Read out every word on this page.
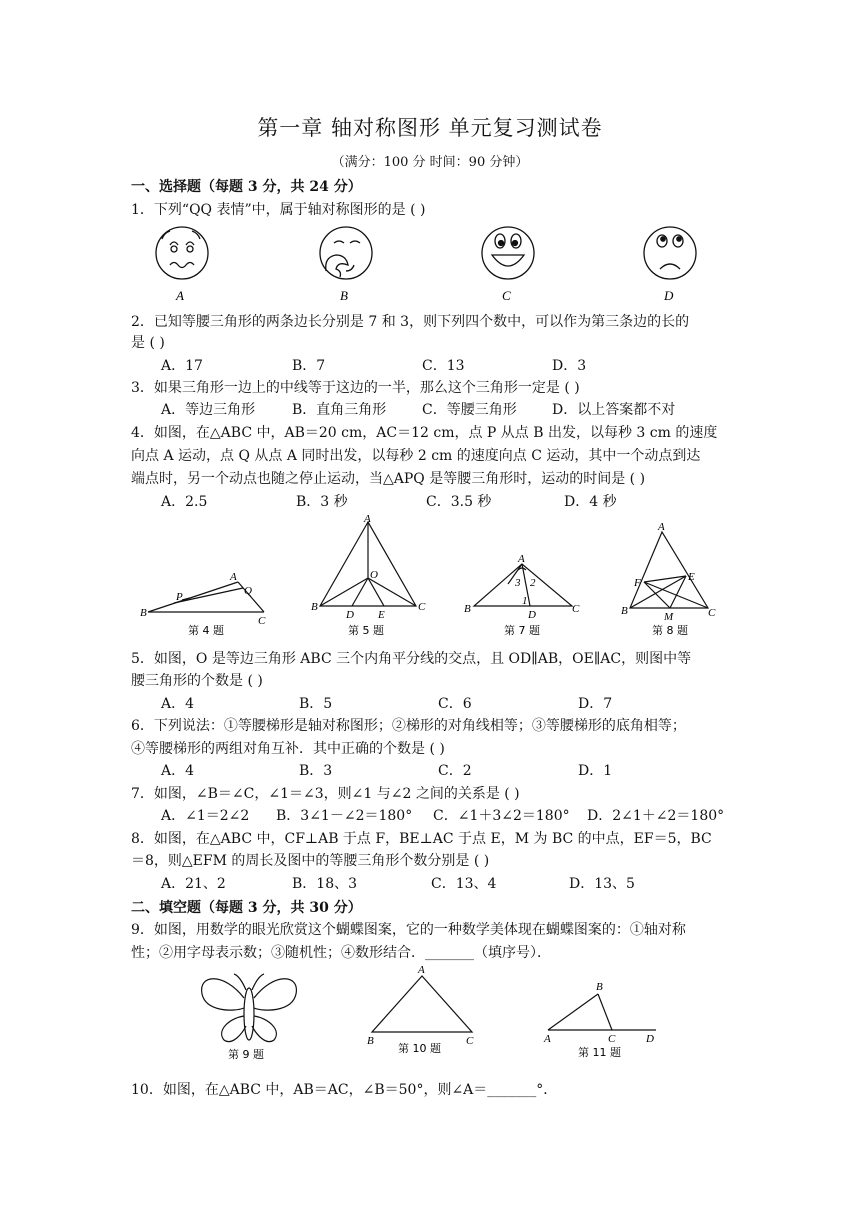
第一章 轴对称图形 单元复习测试卷
（满分：100 分 时间：90 分钟）
一、选择题（每题 3 分，共 24 分）
1．下列“QQ 表情”中，属于轴对称图形的是 ( )
A	B	C	D
2．已知等腰三角形的两条边长分别是 7 和 3，则下列四个数中，可以作为第三条边的长的
是 ( )
A．17	B．7	C．13	D．3
3．如果三角形一边上的中线等于这边的一半，那么这个三角形一定是 ( )
A．等边三角形	B．直角三角形	C．等腰三角形	D．以上答案都不对
4．如图，在△ABC 中，AB＝20 cm，AC＝12 cm，点 P 从点 B 出发，以每秒 3 cm 的速度
向点 A 运动，点 Q 从点 A 同时出发，以每秒 2 cm 的速度向点 C 运动，其中一个动点到达
端点时，另一个动点也随之停止运动，当△APQ 是等腰三角形时，运动的时间是 ( )
A．2.5	B．3 秒	C．3.5 秒	D．4 秒
B
P
A
Q
C
第 4 题
A
O
B
D E
C
第 5 题
A
3 2
1
B	D	C
第 7 题
A
F	E
B	M	C
第 8 题
5．如图，O 是等边三角形 ABC 三个内角平分线的交点，且 OD∥AB，OE∥AC，则图中等
腰三角形的个数是 ( )
A．4	B．5	C．6	D．7
6．下列说法：①等腰梯形是轴对称图形；②梯形的对角线相等；③等腰梯形的底角相等；
④等腰梯形的两组对角互补．其中正确的个数是 ( )
A．4	B．3	C．2	D．1
7．如图，∠B＝∠C，∠1＝∠3，则∠1 与∠2 之间的关系是 ( )
A．∠1＝2∠2 B．3∠1－∠2＝180° C．∠1＋3∠2＝180° D．2∠1＋∠2＝180°
8．如图，在△ABC 中，CF⊥AB 于点 F，BE⊥AC 于点 E，M 为 BC 的中点，EF＝5，BC
＝8，则△EFM 的周长及图中的等腰三角形个数分别是 ( )
A．21、2	B．18、3	C．13、4	D．13、5
二、填空题（每题 3 分，共 30 分）
9．如图，用数学的眼光欣赏这个蝴蝶图案，它的一种数学美体现在蝴蝶图案的：①轴对称
性；②用字母表示数；③随机性；④数形结合．_______（填序号）．
第 9 题
A
B	C
第 10 题
B
A	C	D
第 11 题
10．如图，在△ABC 中，AB＝AC，∠B＝50°，则∠A＝_______°．
